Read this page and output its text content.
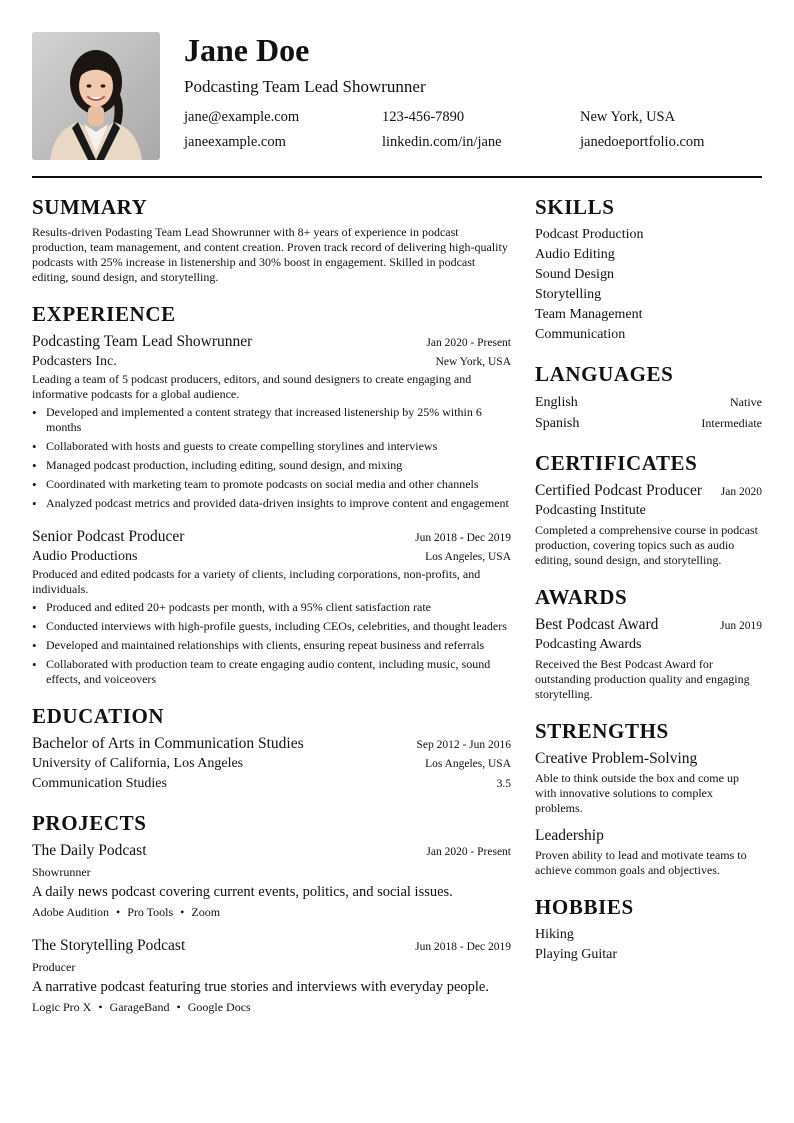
Jane Doe
Podcasting Team Lead Showrunner
jane@example.com	123-456-7890	New York, USA
janeexample.com	linkedin.com/in/jane	janedoeportfolio.com
SUMMARY

Results-driven Podasting Team Lead Showrunner with 8+ years of experience in podcast production, team management, and content creation. Proven track record of delivering high-quality podcasts with 25% increase in listenership and 30% boost in engagement. Skilled in podcast editing, sound design, and storytelling.

EXPERIENCE
Podcasting Team Lead Showrunner	Jan 2020 - Present
Podcasters Inc.	New York, USA

Leading a team of 5 podcast producers, editors, and sound designers to create engaging and informative podcasts for a global audience.

• Developed and implemented a content strategy that increased listenership by 25% within 6 months
• Collaborated with hosts and guests to create compelling storylines and interviews
• Managed podcast production, including editing, sound design, and mixing
• Coordinated with marketing team to promote podcasts on social media and other channels
• Analyzed podcast metrics and provided data-driven insights to improve content and engagement
Senior Podcast Producer	Jun 2018 - Dec 2019
Audio Productions	Los Angeles, USA

Produced and edited podcasts for a variety of clients, including corporations, non-profits, and individuals.

• Produced and edited 20+ podcasts per month, with a 95% client satisfaction rate
• Conducted interviews with high-profile guests, including CEOs, celebrities, and thought leaders
• Developed and maintained relationships with clients, ensuring repeat business and referrals
• Collaborated with production team to create engaging audio content, including music, sound effects, and voiceovers
EDUCATION
Bachelor of Arts in Communication Studies	Sep 2012 - Jun 2016
University of California, Los Angeles	Los Angeles, USA
Communication Studies	3.5
PROJECTS
The Daily Podcast	Jan 2020 - Present
Showrunner
A daily news podcast covering current events, politics, and social issues.
Adobe Audition • Pro Tools • Zoom
The Storytelling Podcast	Jun 2018 - Dec 2019
Producer
A narrative podcast featuring true stories and interviews with everyday people.
Logic Pro X • GarageBand • Google Docs
SKILLS
Podcast Production
Audio Editing
Sound Design
Storytelling
Team Management
Communication
LANGUAGES
English	Native
Spanish	Intermediate
CERTIFICATES
Certified Podcast Producer Jan 2020
Podcasting Institute

Completed a comprehensive course in podcast production, covering topics such as audio editing, sound design, and storytelling.

AWARDS
Best Podcast Award	Jun 2019
Podcasting Awards

Received the Best Podcast Award for outstanding production quality and engaging storytelling.

STRENGTHS
Creative Problem-Solving

Able to think outside the box and come up with innovative solutions to complex problems.

Leadership

Proven ability to lead and motivate teams to achieve common goals and objectives.

HOBBIES
Hiking
Playing Guitar
